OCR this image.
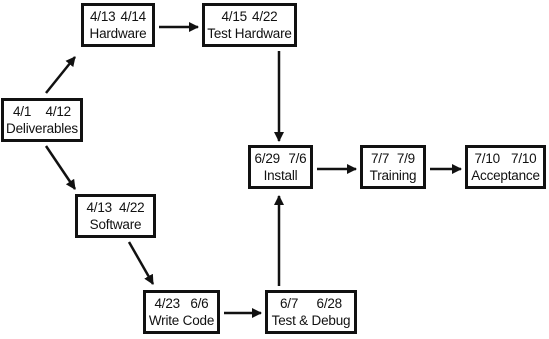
4/1 4/12
Deliverables
4/13 4/14
Hardware
4/15 4/22
Test Hardware
4/13 4/22
Software
4/23 6/6
Write Code
6/7 6/28
Test & Debug
6/29 7/6
Install
7/7 7/9
Training
7/10 7/10
Acceptance
